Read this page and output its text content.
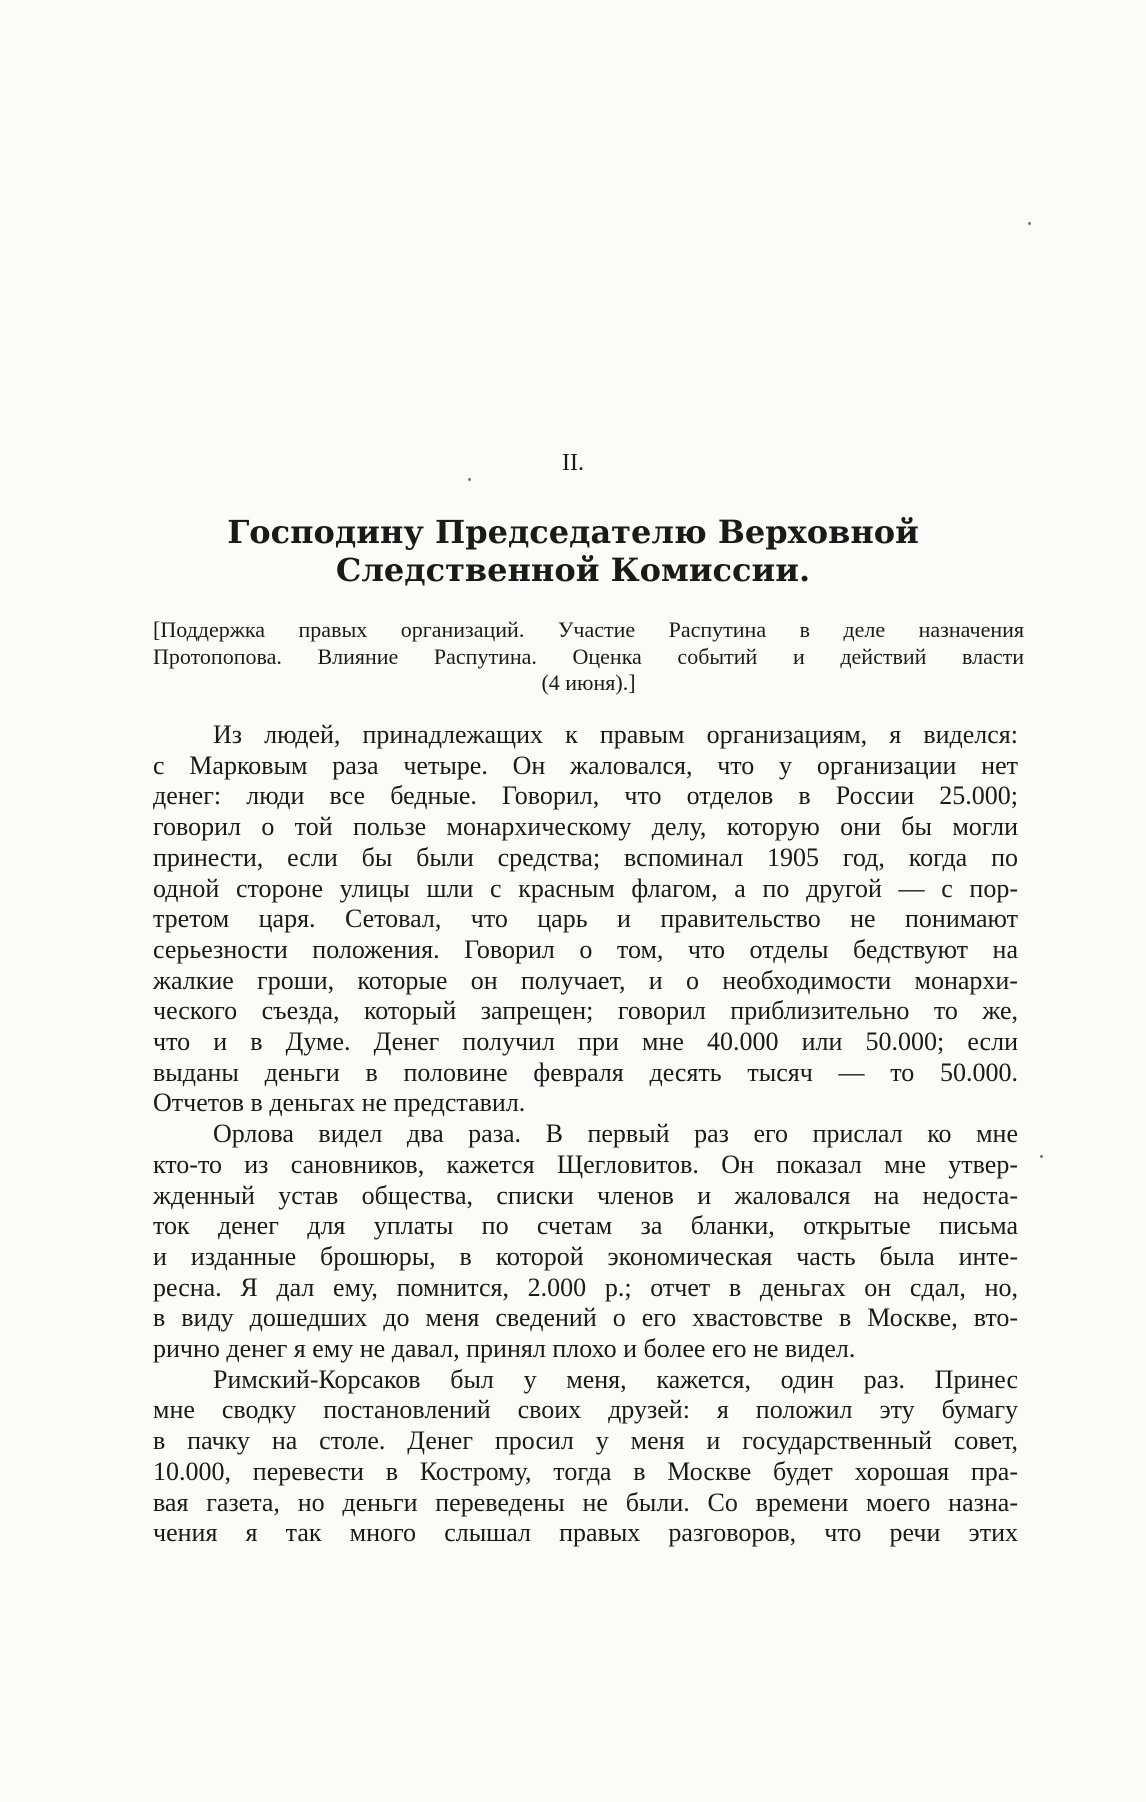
II.
Господину Председателю Верховной
Следственной Комиссии.
[Поддержка правых организаций. Участие Распутина в деле назначения
Протопопова. Влияние Распутина. Оценка событий и действий власти
(4 июня).]
Из людей, принадлежащих к правым организациям, я виделся:
с Марковым раза четыре. Он жаловался, что у организации нет
денег: люди все бедные. Говорил, что отделов в России 25.000;
говорил о той пользе монархическому делу, которую они бы могли
принести, если бы были средства; вспоминал 1905 год, когда по
одной стороне улицы шли с красным флагом, а по другой — с пор-
третом царя. Сетовал, что царь и правительство не понимают
серьезности положения. Говорил о том, что отделы бедствуют на
жалкие гроши, которые он получает, и о необходимости монархи-
ческого съезда, который запрещен; говорил приблизительно то же,
что и в Думе. Денег получил при мне 40.000 или 50.000; если
выданы деньги в половине февраля десять тысяч — то 50.000.
Отчетов в деньгах не представил.
Орлова видел два раза. В первый раз его прислал ко мне
кто-то из сановников, кажется Щегловитов. Он показал мне утвер-
жденный устав общества, списки членов и жаловался на недоста-
ток денег для уплаты по счетам за бланки, открытые письма
и изданные брошюры, в которой экономическая часть была инте-
ресна. Я дал ему, помнится, 2.000 р.; отчет в деньгах он сдал, но,
в виду дошедших до меня сведений о его хвастовстве в Москве, вто-
рично денег я ему не давал, принял плохо и более его не видел.
Римский-Корсаков был у меня, кажется, один раз. Принес
мне сводку постановлений своих друзей: я положил эту бумагу
в пачку на столе. Денег просил у меня и государственный совет,
10.000, перевести в Кострому, тогда в Москве будет хорошая пра-
вая газета, но деньги переведены не были. Со времени моего назна-
чения я так много слышал правых разговоров, что речи этих
